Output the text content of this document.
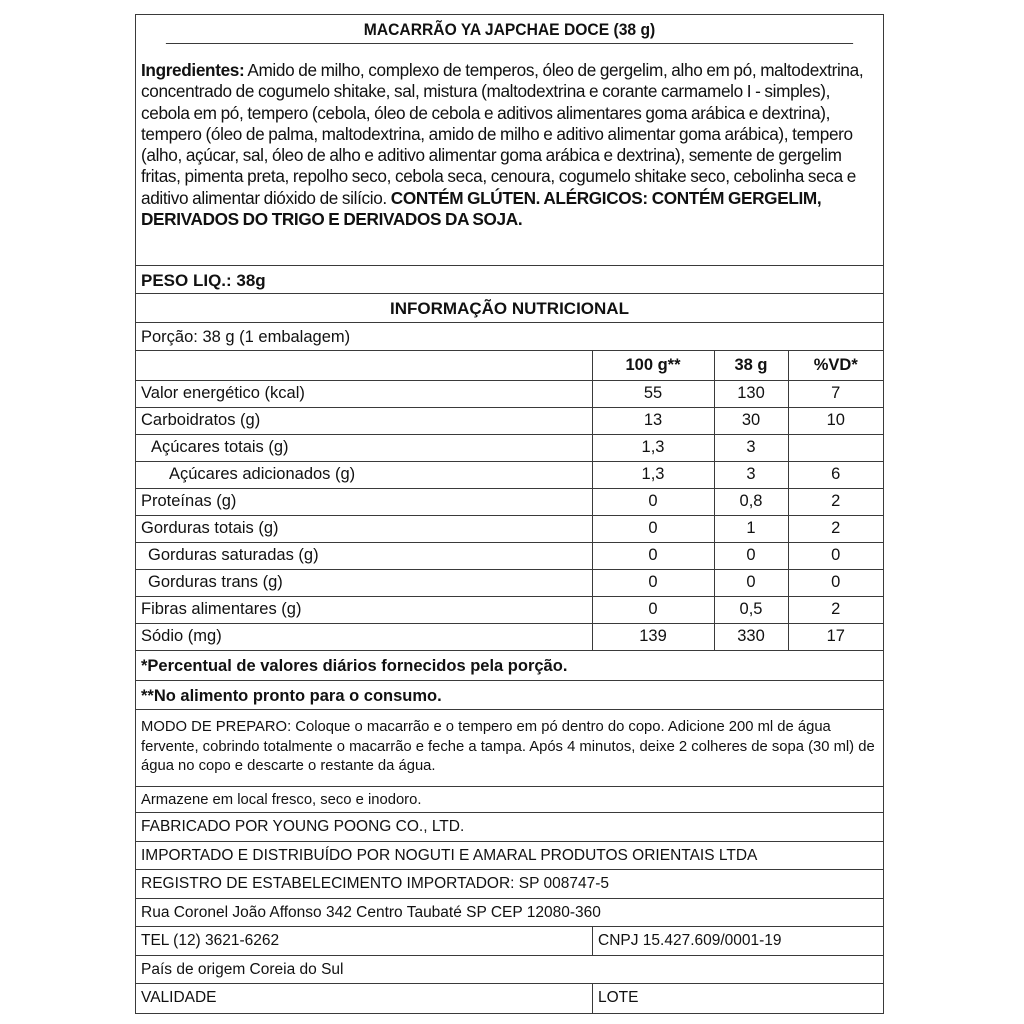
MACARRÃO YA JAPCHAE DOCE (38 g)
Ingredientes: Amido de milho, complexo de temperos, óleo de gergelim, alho em pó, maltodextrina, concentrado de cogumelo shitake, sal, mistura (maltodextrina e corante carmamelo I - simples), cebola em pó, tempero (cebola, óleo de cebola e aditivos alimentares goma arábica e dextrina), tempero (óleo de palma, maltodextrina, amido de milho e aditivo alimentar goma arábica), tempero (alho, açúcar, sal, óleo de alho e aditivo alimentar goma arábica e dextrina), semente de gergelim fritas, pimenta preta, repolho seco, cebola seca, cenoura, cogumelo shitake seco, cebolinha seca e aditivo alimentar dióxido de silício. CONTÉM GLÚTEN. ALÉRGICOS: CONTÉM GERGELIM, DERIVADOS DO TRIGO E DERIVADOS DA SOJA.
PESO LIQ.: 38g
INFORMAÇÃO NUTRICIONAL
Porção: 38 g (1 embalagem)
	100 g**	38 g	%VD*
Valor energético (kcal)	55	130	7
Carboidratos (g)	13	30	10
Açúcares totais (g)	1,3	3	
Açúcares adicionados (g)	1,3	3	6
Proteínas (g)	0	0,8	2
Gorduras totais (g)	0	1	2
Gorduras saturadas (g)	0	0	0
Gorduras trans (g)	0	0	0
Fibras alimentares (g)	0	0,5	2
Sódio (mg)	139	330	17
*Percentual de valores diários fornecidos pela porção.
**No alimento pronto para o consumo.
MODO DE PREPARO: Coloque o macarrão e o tempero em pó dentro do copo. Adicione 200 ml de água fervente, cobrindo totalmente o macarrão e feche a tampa. Após 4 minutos, deixe 2 colheres de sopa (30 ml) de água no copo e descarte o restante da água.
Armazene em local fresco, seco e inodoro.
FABRICADO POR YOUNG POONG CO., LTD.
IMPORTADO E DISTRIBUÍDO POR NOGUTI E AMARAL PRODUTOS ORIENTAIS LTDA
REGISTRO DE ESTABELECIMENTO IMPORTADOR: SP 008747-5
Rua Coronel João Affonso 342 Centro Taubaté SP CEP 12080-360
TEL (12) 3621-6262	CNPJ 15.427.609/0001-19
País de origem Coreia do Sul
VALIDADE	LOTE
